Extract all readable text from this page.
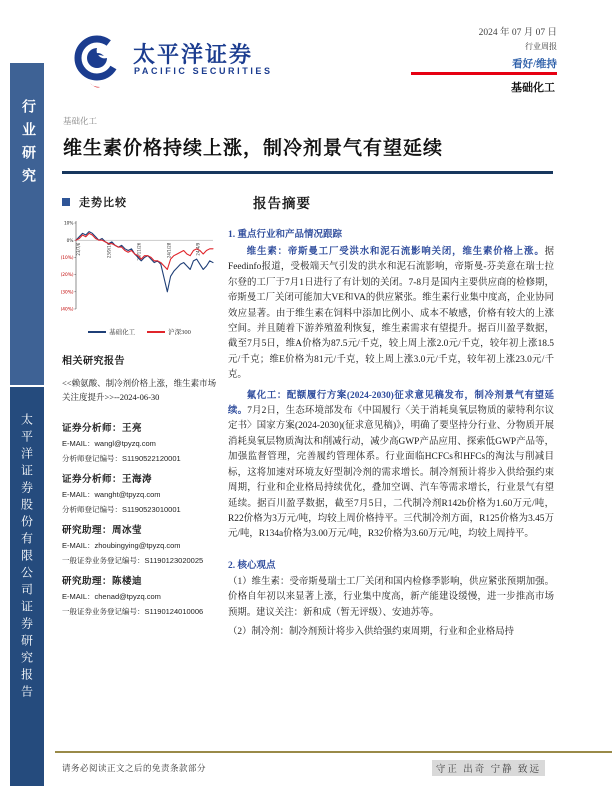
行业研究
太平洋证券股份有限公司证券研究报告
太平洋证券
PACIFIC SECURITIES
2024 年 07 月 07 日
行业周报
看好/维持
基础化工
基础化工
维生素价格持续上涨，制冷剂景气有望延续
走势比较
10%
0%
(10%)
(20%)
(30%)
(40%)
23/7/6	23/9/16	23/11/26	24/1/28	24/4/9
基础化工	沪深300
相关研究报告
<<赖氨酸、制冷剂价格上涨，维生素市场关注度提升>>--2024-06-30
证券分析师：王亮
E-MAIL：wangl@tpyzq.com
分析师登记编号：S1190522120001
证券分析师：王海涛
E-MAIL：wanght@tpyzq.com
分析师登记编号：S1190523010001
研究助理：周冰莹
E-MAIL：zhoubingying@tpyzq.com
一般证券业务登记编号：S1190123020025
研究助理：陈楼迪
E-MAIL：chenad@tpyzq.com
一般证券业务登记编号：S1190124010006
报告摘要
1. 重点行业和产品情况跟踪

维生素：帝斯曼工厂受洪水和泥石流影响关闭，维生素价格上涨。据Feedinfo报道，受极端天气引发的洪水和泥石流影响，帝斯曼-芬美意在瑞士拉尔登的工厂于7月1日进行了有计划的关闭。7-8月是国内主要供应商的检修期，帝斯曼工厂关闭可能加大VE和VA的供应紧张。维生素行业集中度高，企业协同效应显著。由于维生素在饲料中添加比例小、成本不敏感，价格有较大的上涨空间。并且随着下游养殖盈利恢复，维生素需求有望提升。据百川盈孚数据，截至7月5日，维A价格为87.5元/千克，较上周上涨2.0元/千克，较年初上涨18.5元/千克；维E价格为81元/千克，较上周上涨3.0元/千克，较年初上涨23.0元/千克。

氟化工：配额履行方案(2024-2030)征求意见稿发布，制冷剂景气有望延续。7月2日，生态环境部发布《中国履行〈关于消耗臭氧层物质的蒙特利尔议定书〉国家方案(2024-2030)(征求意见稿)》，明确了要坚持分行业、分物质开展消耗臭氧层物质淘汰和削减行动，减少高GWP产品应用、探索低GWP产品等，加强监督管理，完善履约管理体系。行业面临HCFCs和HFCs的淘汰与削减目标，这将加速对环境友好型制冷剂的需求增长。制冷剂预计将步入供给强约束周期，行业和企业格局持续优化，叠加空调、汽车等需求增长，行业景气有望延续。据百川盈孚数据，截至7月5日，二代制冷剂R142b价格为1.60万元/吨，R22价格为3万元/吨，均较上周价格持平。三代制冷剂方面，R125价格为3.45万元/吨，R134a价格为3.00万元/吨，R32价格为3.60万元/吨，均较上周持平。

2. 核心观点

（1）维生素：受帝斯曼瑞士工厂关闭和国内检修季影响，供应紧张预期加强。价格自年初以来显著上涨，行业集中度高，新产能建设缓慢，进一步推高市场预期。建议关注：新和成（暂无评级）、安迪苏等。

（2）制冷剂：制冷剂预计将步入供给强约束周期，行业和企业格局持

请务必阅读正文之后的免责条款部分	守正 出奇 宁静 致远
